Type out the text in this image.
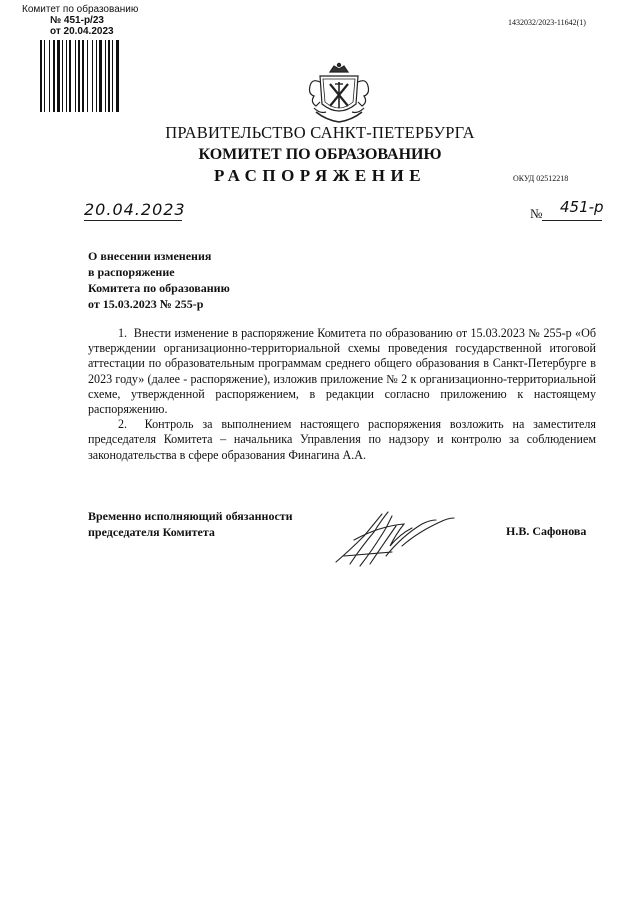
Комитет по образованию
№ 451-р/23
от 20.04.2023
1432032/2023-11642(1)
ПРАВИТЕЛЬСТВО САНКТ-ПЕТЕРБУРГА
КОМИТЕТ ПО ОБРАЗОВАНИЮ
РАСПОРЯЖЕНИЕ	ОКУД 02512218
20.04.2023	№ 451-р
О внесении изменения
в распоряжение
Комитета по образованию
от 15.03.2023 № 255-р

1.  Внести изменение в распоряжение Комитета по образованию от 15.03.2023 № 255-р «Об утверждении организационно-территориальной схемы проведения государственной итоговой аттестации по образовательным программам среднего общего образования в Санкт-Петербурге в 2023 году» (далее - распоряжение), изложив приложение № 2 к организационно-территориальной схеме, утвержденной распоряжением, в редакции согласно приложению к настоящему распоряжению.

2.  Контроль за выполнением настоящего распоряжения возложить на заместителя председателя Комитета – начальника Управления по надзору и контролю за соблюдением законодательства в сфере образования Финагина А.А.

Временно исполняющий обязанности
председателя Комитета	Н.В. Сафонова
